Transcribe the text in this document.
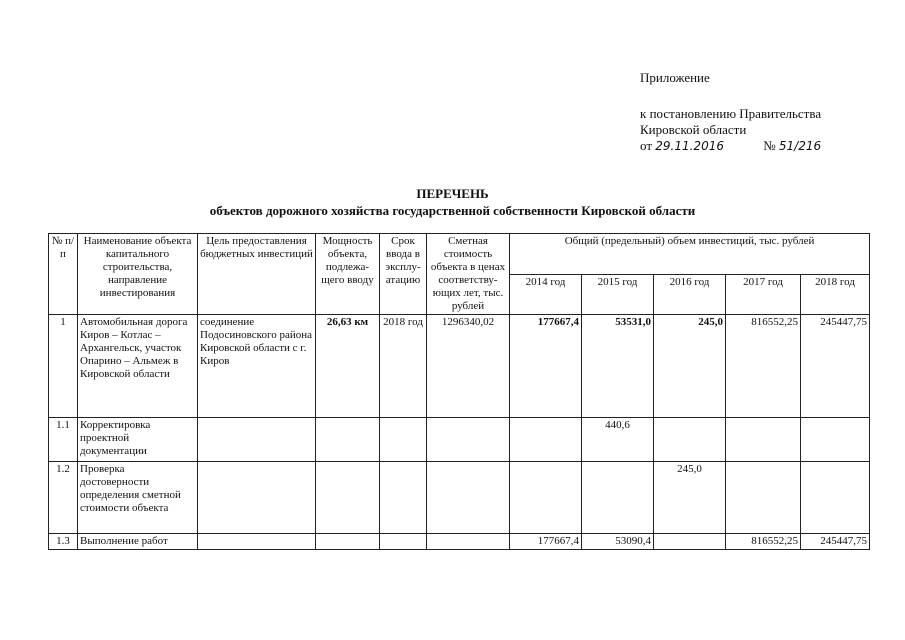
Приложение
к постановлению Правительства
Кировской области
от 29.11.2016	№ 51/216
ПЕРЕЧЕНЬ
объектов дорожного хозяйства государственной собственности Кировской области
№ п/п	Наименование объекта капитального строительства, направление инвестирования	Цель предоставления бюджетных инвестиций	Мощность объекта, подлежа-щего вводу	Срок ввода в эксплу-атацию	Сметная стоимость объекта в ценах соответству-ющих лет, тыс. рублей	Общий (предельный) объем инвестиций, тыс. рублей				
						2014 год	2015 год	2016 год	2017 год	2018 год
1	Автомобильная дорога Киров – Котлас – Архангельск, участок Опарино – Альмеж в Кировской области	соединение Подосиновского района Кировской области с г. Киров	26,63 км	2018 год	1296340,02	177667,4	53531,0	245,0	816552,25	245447,75
1.1	Корректировка проектной документации						440,6			
1.2	Проверка достоверности определения сметной стоимости объекта							245,0		
1.3	Выполнение работ					177667,4	53090,4		816552,25	245447,75
